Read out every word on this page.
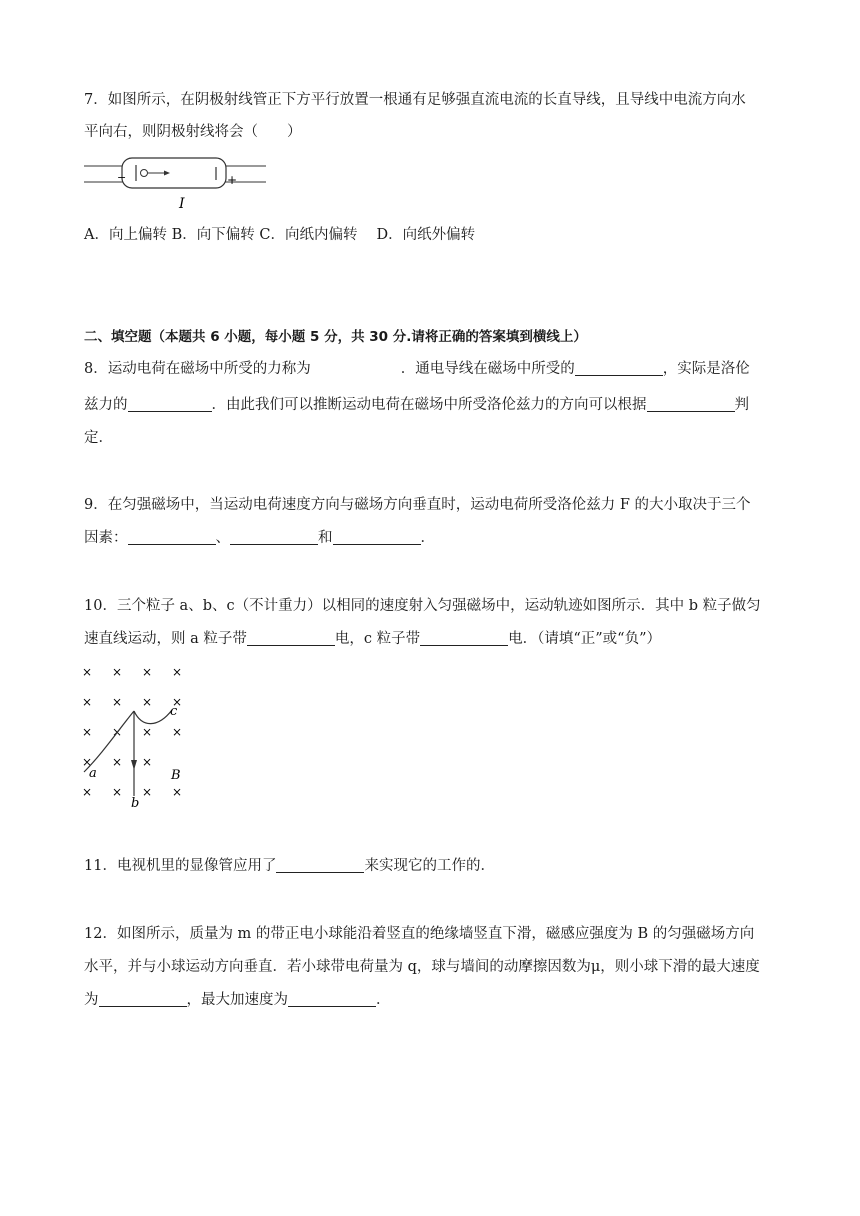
7．如图所示，在阴极射线管正下方平行放置一根通有足够强直流电流的长直导线，且导线中电流方向水
平向右，则阴极射线将会（　　）
−	+
I
A．向上偏转 B．向下偏转 C．向纸内偏转　 D．向纸外偏转
二、填空题（本题共 6 小题，每小题 5 分，共 30 分.请将正确的答案填到横线上）
8．运动电荷在磁场中所受的力称为	．通电导线在磁场中所受的	，实际是洛伦
兹力的	．由此我们可以推断运动电荷在磁场中所受洛伦兹力的方向可以根据	判
定．
9．在匀强磁场中，当运动电荷速度方向与磁场方向垂直时，运动电荷所受洛伦兹力 F 的大小取决于三个
因素：	、	和	．
10．三个粒子 a、b、c（不计重力）以相同的速度射入匀强磁场中，运动轨迹如图所示．其中 b 粒子做匀
速直线运动，则 a 粒子带	电，c 粒子带	电．（请填“正”或“负”）
× × × ×
× × × ×
× × × ×
× × ×
× × × ×
a
b
c
B
11．电视机里的显像管应用了	来实现它的工作的．
12．如图所示，质量为 m 的带正电小球能沿着竖直的绝缘墙竖直下滑，磁感应强度为 B 的匀强磁场方向
水平，并与小球运动方向垂直．若小球带电荷量为 q，球与墙间的动摩擦因数为μ，则小球下滑的最大速度
为	，最大加速度为	．
